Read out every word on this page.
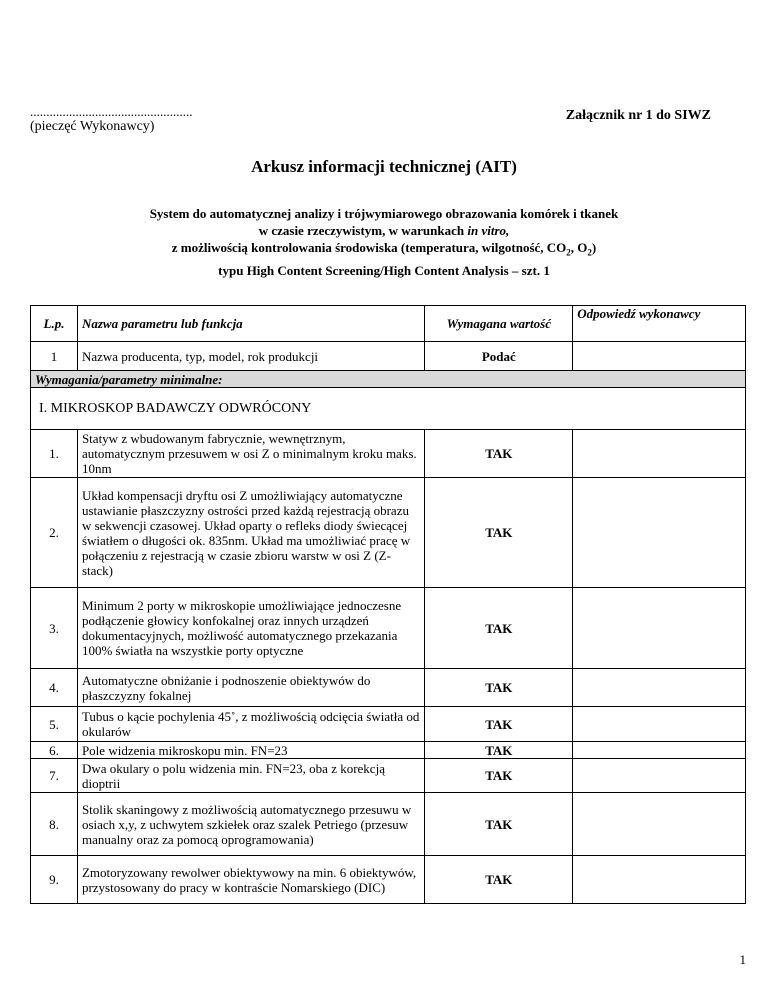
..................................................
(pieczęć Wykonawcy)
Załącznik nr 1 do SIWZ
Arkusz informacji technicznej (AIT)

System do automatycznej analizy i trójwymiarowego obrazowania komórek i tkanek

w czasie rzeczywistym, w warunkach in vitro,

z możliwością kontrolowania środowiska (temperatura, wilgotność, $CO_2$, $O_2$)

typu High Content Screening/High Content Analysis – szt. 1

L.p.	Nazwa parametru lub funkcja	Wymagana wartość	Odpowiedź wykonawcy
1	Nazwa producenta, typ, model, rok produkcji	Podać	
Wymagania/parametry minimalne:			
I. MIKROSKOP BADAWCZY ODWRÓCONY			
1.	Statyw z wbudowanym fabrycznie, wewnętrznym, automatycznym przesuwem w osi Z o minimalnym kroku maks. 10nm	TAK	
2.	Układ kompensacji dryftu osi Z umożliwiający automatyczne ustawianie płaszczyzny ostrości przed każdą rejestracją obrazu w sekwencji czasowej. Układ oparty o refleks diody świecącej światłem o długości ok. 835nm. Układ ma umożliwiać pracę w połączeniu z rejestracją w czasie zbioru warstw w osi Z (Z-stack)	TAK	
3.	Minimum 2 porty w mikroskopie umożliwiające jednoczesne podłączenie głowicy konfokalnej oraz innych urządzeń dokumentacyjnych, możliwość automatycznego przekazania 100% światła na wszystkie porty optyczne	TAK	
4.	Automatyczne obniżanie i podnoszenie obiektywów do płaszczyzny fokalnej	TAK	
5.	Tubus o kącie pochylenia 45˚, z możliwością odcięcia światła od okularów	TAK	
6.	Pole widzenia mikroskopu min. FN=23	TAK	
7.	Dwa okulary o polu widzenia min. FN=23, oba z korekcją dioptrii	TAK	
8.	Stolik skaningowy z możliwością automatycznego przesuwu w osiach x,y, z uchwytem szkiełek oraz szalek Petriego (przesuw manualny oraz za pomocą oprogramowania)	TAK	
9.	Zmotoryzowany rewolwer obiektywowy na min. 6 obiektywów, przystosowany do pracy w kontraście Nomarskiego (DIC)	TAK	
1
